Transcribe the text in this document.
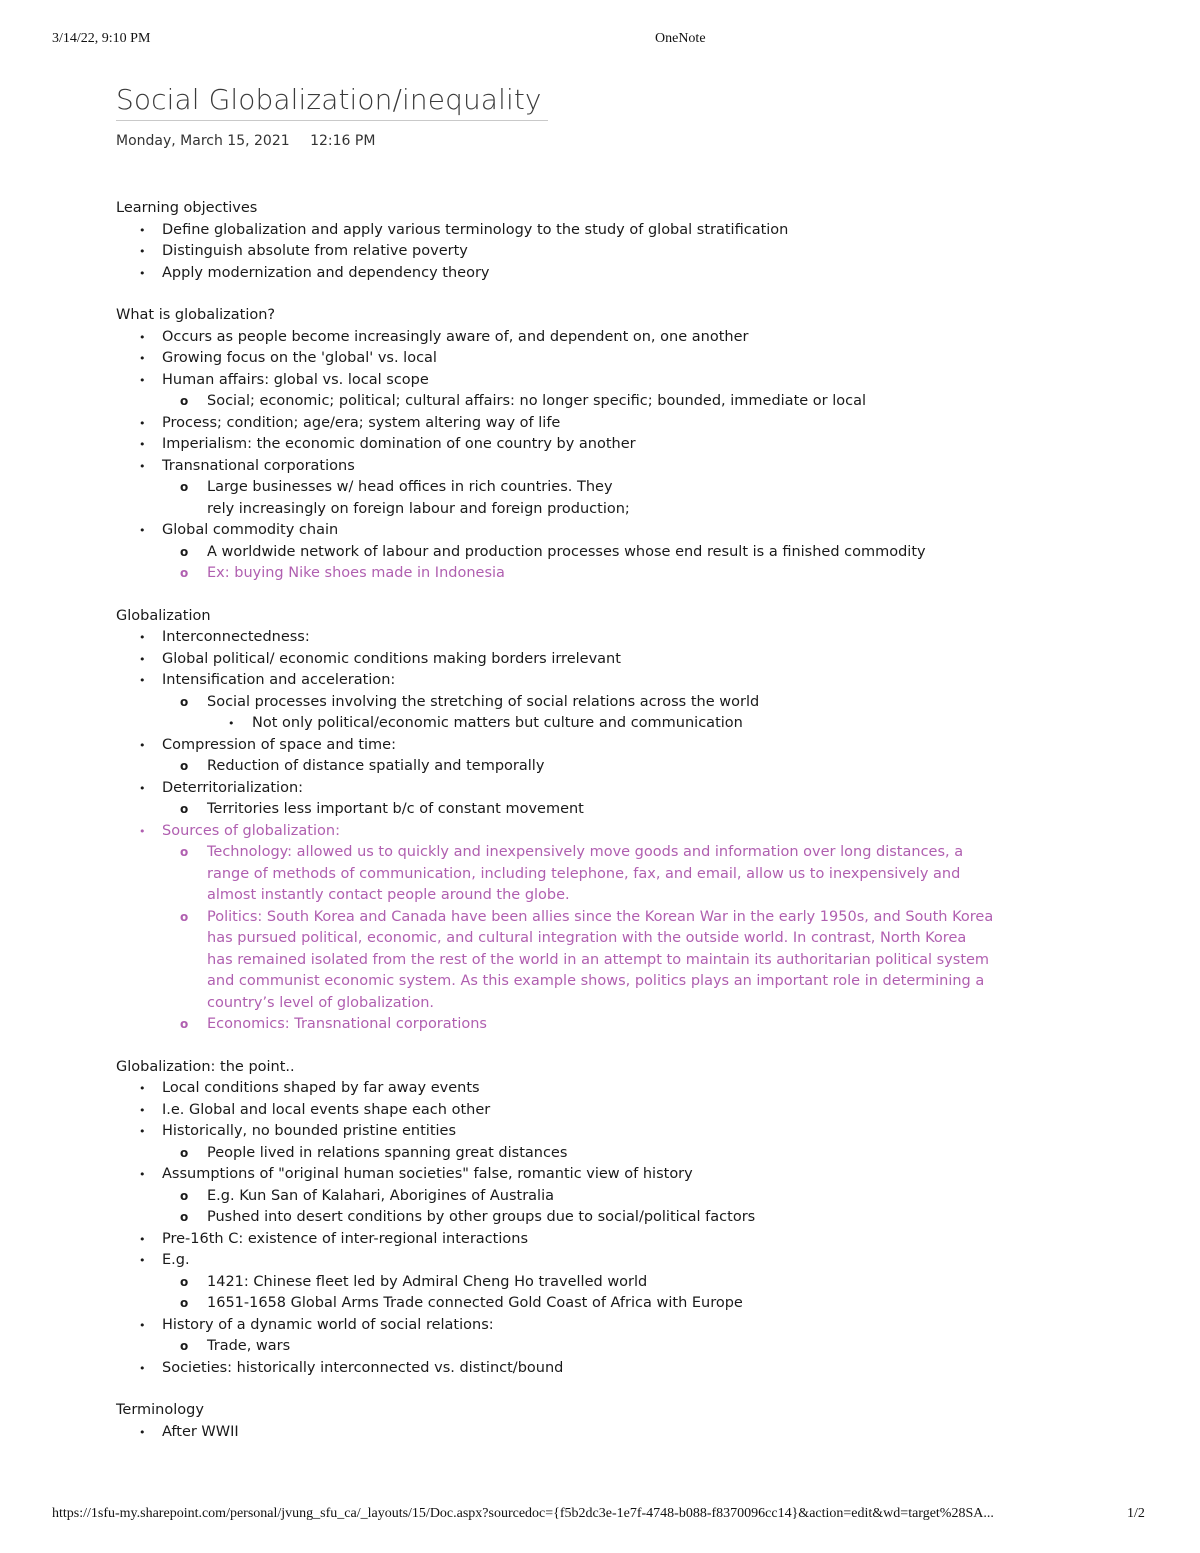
3/14/22, 9:10 PM	OneNote
Social Globalization/inequality
Monday, March 15, 2021 12:16 PM
Learning objectives
• Define globalization and apply various terminology to the study of global stratification
• Distinguish absolute from relative poverty
• Apply modernization and dependency theory
What is globalization?
• Occurs as people become increasingly aware of, and dependent on, one another
• Growing focus on the 'global' vs. local
• Human affairs: global vs. local scope
o Social; economic; political; cultural affairs: no longer specific; bounded, immediate or local
• Process; condition; age/era; system altering way of life
• Imperialism: the economic domination of one country by another
• Transnational corporations
o Large businesses w/ head offices in rich countries. They
rely increasingly on foreign labour and foreign production;
• Global commodity chain
o A worldwide network of labour and production processes whose end result is a finished commodity
o Ex: buying Nike shoes made in Indonesia
Globalization
• Interconnectedness:
• Global political/ economic conditions making borders irrelevant
• Intensification and acceleration:
o Social processes involving the stretching of social relations across the world
• Not only political/economic matters but culture and communication
• Compression of space and time:
o Reduction of distance spatially and temporally
• Deterritorialization:
o Territories less important b/c of constant movement
• Sources of globalization:
o Technology: allowed us to quickly and inexpensively move goods and information over long distances, a range of methods of communication, including telephone, fax, and email, allow us to inexpensively and almost instantly contact people around the globe.
o Politics: South Korea and Canada have been allies since the Korean War in the early 1950s, and South Korea has pursued political, economic, and cultural integration with the outside world. In contrast, North Korea has remained isolated from the rest of the world in an attempt to maintain its authoritarian political system and communist economic system. As this example shows, politics plays an important role in determining a country’s level of globalization.
o Economics: Transnational corporations
Globalization: the point..
• Local conditions shaped by far away events
• I.e. Global and local events shape each other
• Historically, no bounded pristine entities
o People lived in relations spanning great distances
• Assumptions of "original human societies" false, romantic view of history
o E.g. Kun San of Kalahari, Aborigines of Australia
o Pushed into desert conditions by other groups due to social/political factors
• Pre-16th C: existence of inter-regional interactions
• E.g.
o 1421: Chinese fleet led by Admiral Cheng Ho travelled world
o 1651-1658 Global Arms Trade connected Gold Coast of Africa with Europe
• History of a dynamic world of social relations:
o Trade, wars
• Societies: historically interconnected vs. distinct/bound
Terminology
• After WWII
https://1sfu-my.sharepoint.com/personal/jvung_sfu_ca/_layouts/15/Doc.aspx?sourcedoc={f5b2dc3e-1e7f-4748-b088-f8370096cc14}&action=edit&wd=target%28SA...	1/2
